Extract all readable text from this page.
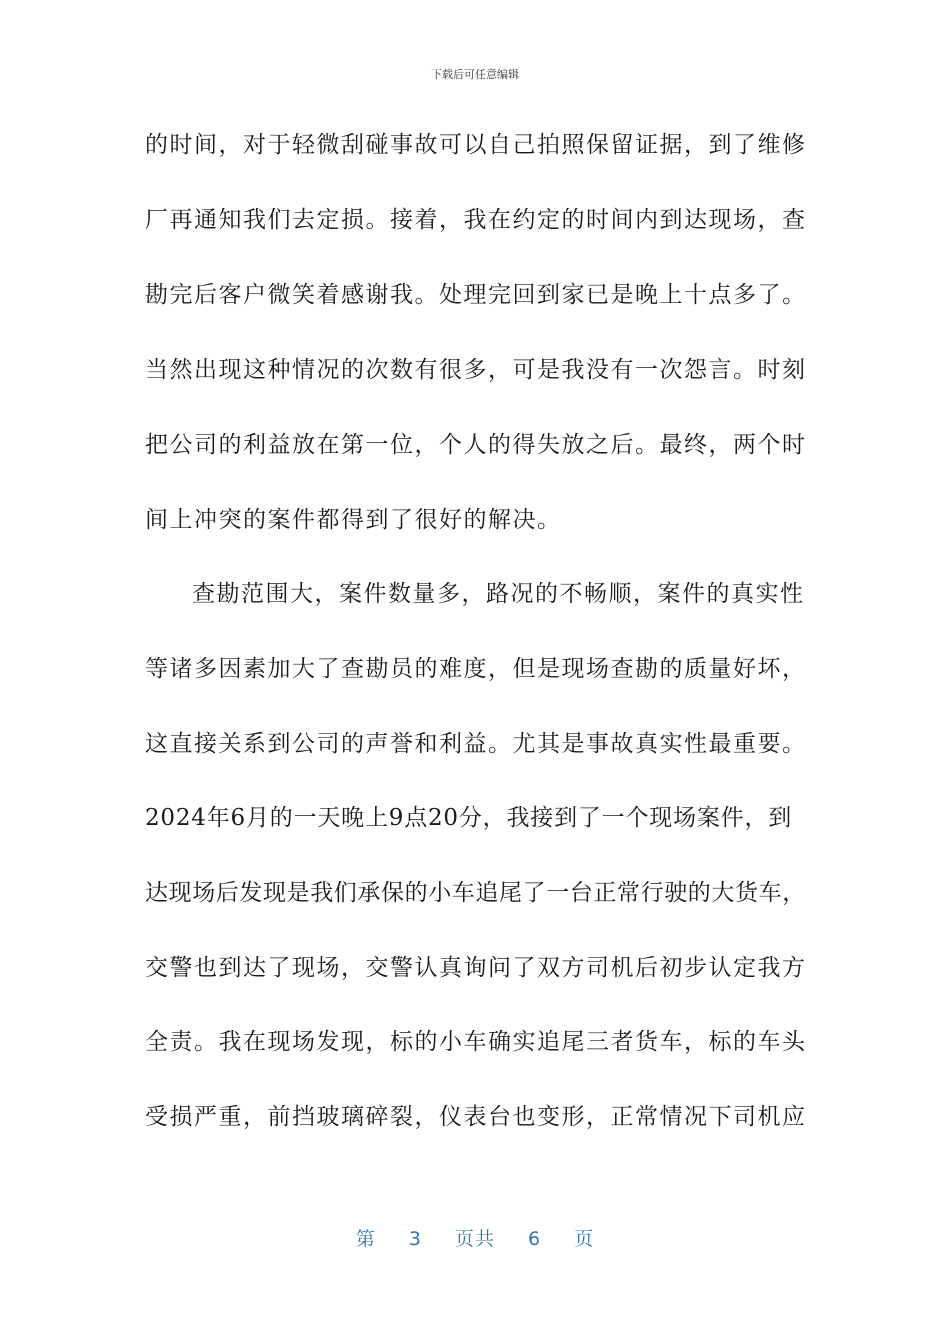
下载后可任意编辑
的时间，对于轻微刮碰事故可以自己拍照保留证据，到了维修
厂再通知我们去定损。接着，我在约定的时间内到达现场，查
勘完后客户微笑着感谢我。处理完回到家已是晚上十点多了。
当然出现这种情况的次数有很多，可是我没有一次怨言。时刻
把公司的利益放在第一位，个人的得失放之后。最终，两个时
间上冲突的案件都得到了很好的解决。
查勘范围大，案件数量多，路况的不畅顺，案件的真实性
等诸多因素加大了查勘员的难度，但是现场查勘的质量好坏，
这直接关系到公司的声誉和利益。尤其是事故真实性最重要。
2024年6月的一天晚上9点20分，我接到了一个现场案件，到
达现场后发现是我们承保的小车追尾了一台正常行驶的大货车，
交警也到达了现场，交警认真询问了双方司机后初步认定我方
全责。我在现场发现，标的小车确实追尾三者货车，标的车头
受损严重，前挡玻璃碎裂，仪表台也变形，正常情况下司机应
第 3 页共 6 页
